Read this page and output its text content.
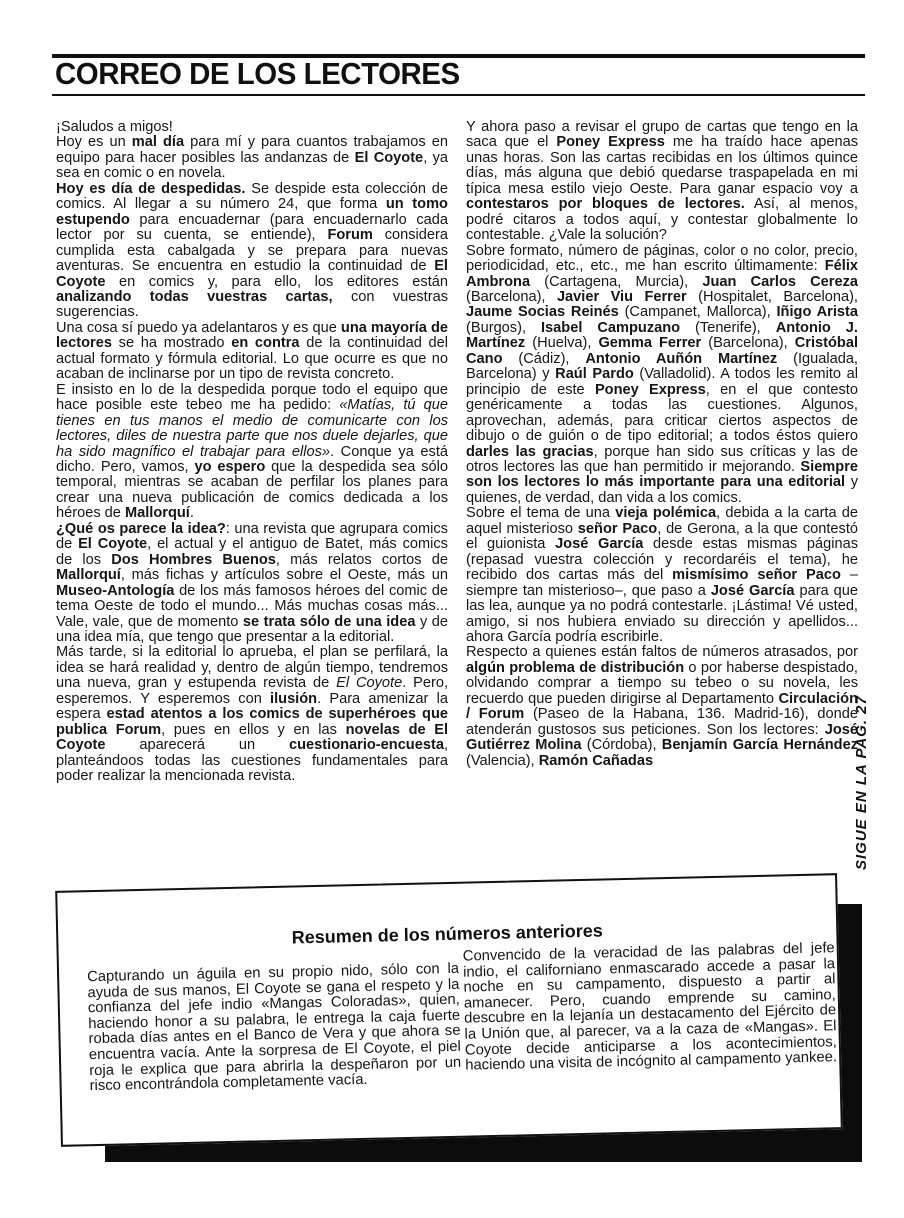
CORREO DE LOS LECTORES

¡Saludos a migos!
Hoy es un mal día para mí y para cuantos trabajamos en equipo para hacer posibles las andanzas de El Coyote, ya sea en comic o en novela.

Hoy es día de despedidas. Se despide esta colección de comics. Al llegar a su número 24, que forma un tomo estupendo para encuadernar (para encuadernarlo cada lector por su cuenta, se entiende), Forum considera cumplida esta cabalgada y se prepara para nuevas aventuras. Se encuentra en estudio la continuidad de El Coyote en comics y, para ello, los editores están analizando todas vuestras cartas, con vuestras sugerencias.

Una cosa sí puedo ya adelantaros y es que una mayoría de lectores se ha mostrado en contra de la continuidad del actual formato y fórmula editorial. Lo que ocurre es que no acaban de inclinarse por un tipo de revista concreto.

E insisto en lo de la despedida porque todo el equipo que hace posible este tebeo me ha pedido: «Matías, tú que tienes en tus manos el medio de comunicarte con los lectores, diles de nuestra parte que nos duele dejarles, que ha sido magnífico el trabajar para ellos». Conque ya está dicho. Pero, vamos, yo espero que la despedida sea sólo temporal, mientras se acaban de perfilar los planes para crear una nueva publicación de comics dedicada a los héroes de Mallorquí.

¿Qué os parece la idea?: una revista que agruparа comics de El Coyote, el actual y el antiguo de Batet, más comics de los Dos Hombres Buenos, más relatos cortos de Mallorquí, más fichas y artículos sobre el Oeste, más un Museo-Antología de los más famosos héroes del comic de tema Oeste de todo el mundo... Más muchas cosas más... Vale, vale, que de momento se trata sólo de una idea y de una idea mía, que tengo que presentar a la editorial.

Más tarde, si la editorial lo aprueba, el plan se perfilará, la idea se hará realidad y, dentro de algún tiempo, tendremos una nueva, gran y estupenda revista de El Coyote. Pero, esperemos. Y esperemos con ilusión. Para amenizar la espera estad atentos a los comics de superhéroes que publica Forum, pues en ellos y en las novelas de El Coyote aparecerá un cuestionario-encuesta, planteándoos todas las cuestiones fundamentales para poder realizar la mencionada revista.

Y ahora paso a revisar el grupo de cartas que tengo en la saca que el Poney Express me ha traído hace apenas unas horas. Son las cartas recibidas en los últimos quince días, más alguna que debió quedarse traspapelada en mi típica mesa estilo viejo Oeste. Para ganar espacio voy a contestaros por bloques de lectores. Así, al menos, podré citaros a todos aquí, y contestar globalmente lo contestable. ¿Vale la solución?

Sobre formato, número de páginas, color o no color, precio, periodicidad, etc., etc., me han escrito últimamente: Félix Ambrona (Cartagena, Murcia), Juan Carlos Cereza (Barcelona), Javier Viu Ferrer (Hospitalet, Barcelona), Jaume Socias Reinés (Campanet, Mallorca), Iñigo Arista (Burgos), Isabel Campuzano (Tenerife), Antonio J. Martínez (Huelva), Gemma Ferrer (Barcelona), Cristóbal Cano (Cádiz), Antonio Auñón Martínez (Igualada, Barcelona) y Raúl Pardo (Valladolid). A todos les remito al principio de este Poney Express, en el que contesto genéricamente a todas las cuestiones. Algunos, aprovechan, además, para criticar ciertos aspectos de dibujo o de guión o de tipo editorial; a todos éstos quiero darles las gracias, porque han sido sus críticas y las de otros lectores las que han permitido ir mejorando. Siempre son los lectores lo más importante para una editorial y quienes, de verdad, dan vida a los comics.

Sobre el tema de una vieja polémica, debida a la carta de aquel misterioso señor Paco, de Gerona, a la que contestó el guionista José García desde estas mismas páginas (repasad vuestra colección y recordaréis el tema), he recibido dos cartas más del mismísimo señor Paco –siempre tan misterioso–, que paso a José García para que las lea, aunque ya no podrá contestarle. ¡Lástima! Vé usted, amigo, si nos hubiera enviado su dirección y apellidos... ahora García podría escribirle.

Respecto a quienes están faltos de números atrasados, por algún problema de distribución o por haberse despistado, olvidando comprar a tiempo su tebeo o su novela, les recuerdo que pueden dirigirse al Departamento Circulación / Forum (Paseo de la Habana, 136. Madrid-16), donde atenderán gustosos sus peticiones. Son los lectores: José Gutiérrez Molina (Córdoba), Benjamín García Hernández (Valencia), Ramón Cañadas	SIGUE EN LA PAG. 27
Resumen de los números anteriores

Capturando un águila en su propio nido, sólo con la ayuda de sus manos, El Coyote se gana el respeto y la confianza del jefe indio «Mangas Coloradas», quien, haciendo honor a su palabra, le entrega la caja fuerte robada días antes en el Banco de Vera y que ahora se encuentra vacía. Ante la sorpresa de El Coyote, el piel roja le explica que para abrirla la despeñaron por un risco encontrándola completamente vacía.

Convencido de la veracidad de las palabras del jefe indio, el californiano enmascarado accede a pasar la noche en su campamento, dispuesto a partir al amanecer. Pero, cuando emprende su camino, descubre en la lejanía un destacamento del Ejército de la Unión que, al parecer, va a la caza de «Mangas». El Coyote decide anticiparse a los acontecimientos, haciendo una visita de incógnito al campamento yankee.
